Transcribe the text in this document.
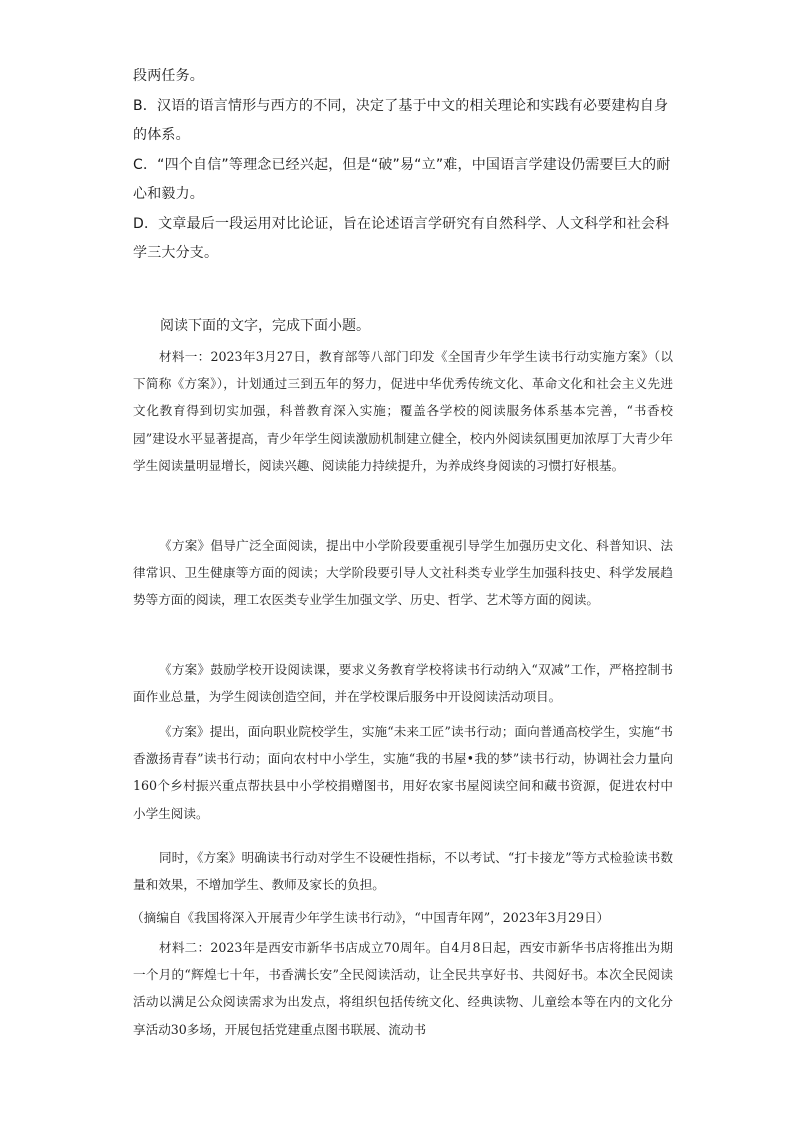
段两任务。

B．汉语的语言情形与西方的不同，决定了基于中文的相关理论和实践有必要建构自身的体系。

C．“四个自信”等理念已经兴起，但是“破”易“立”难，中国语言学建设仍需要巨大的耐心和毅力。

D．文章最后一段运用对比论证，旨在论述语言学研究有自然科学、人文科学和社会科学三大分支。

阅读下面的文字，完成下面小题。

材料一：2023年3月27日，教育部等八部门印发《全国青少年学生读书行动实施方案》（以下简称《方案》），计划通过三到五年的努力，促进中华优秀传统文化、革命文化和社会主义先进文化教育得到切实加强，科普教育深入实施；覆盖各学校的阅读服务体系基本完善，“书香校园”建设水平显著提高，青少年学生阅读激励机制建立健全，校内外阅读氛围更加浓厚丁大青少年学生阅读量明显增长，阅读兴趣、阅读能力持续提升，为养成终身阅读的习惯打好根基。

《方案》倡导广泛全面阅读，提出中小学阶段要重视引导学生加强历史文化、科普知识、法律常识、卫生健康等方面的阅读；大学阶段要引导人文社科类专业学生加强科技史、科学发展趋势等方面的阅读，理工农医类专业学生加强文学、历史、哲学、艺术等方面的阅读。

《方案》鼓励学校开设阅读课，要求义务教育学校将读书行动纳入“双减”工作，严格控制书面作业总量，为学生阅读创造空间，并在学校课后服务中开设阅读活动项目。

《方案》提出，面向职业院校学生，实施“未来工匠”读书行动；面向普通高校学生，实施“书香激扬青春”读书行动；面向农村中小学生，实施“我的书屋•我的梦”读书行动，协调社会力量向160个乡村振兴重点帮扶县中小学校捐赠图书，用好农家书屋阅读空间和藏书资源，促进农村中小学生阅读。

同时，《方案》明确读书行动对学生不设硬性指标，不以考试、“打卡接龙”等方式检验读书数量和效果，不增加学生、教师及家长的负担。

（摘编自《我国将深入开展青少年学生读书行动》，“中国青年网”，2023年3月29日）

材料二：2023年是西安市新华书店成立70周年。自4月8日起，西安市新华书店将推出为期一个月的“辉煌七十年，书香满长安”全民阅读活动，让全民共享好书、共阅好书。本次全民阅读活动以满足公众阅读需求为出发点，将组织包括传统文化、经典读物、儿童绘本等在内的文化分享活动30多场，开展包括党建重点图书联展、流动书
